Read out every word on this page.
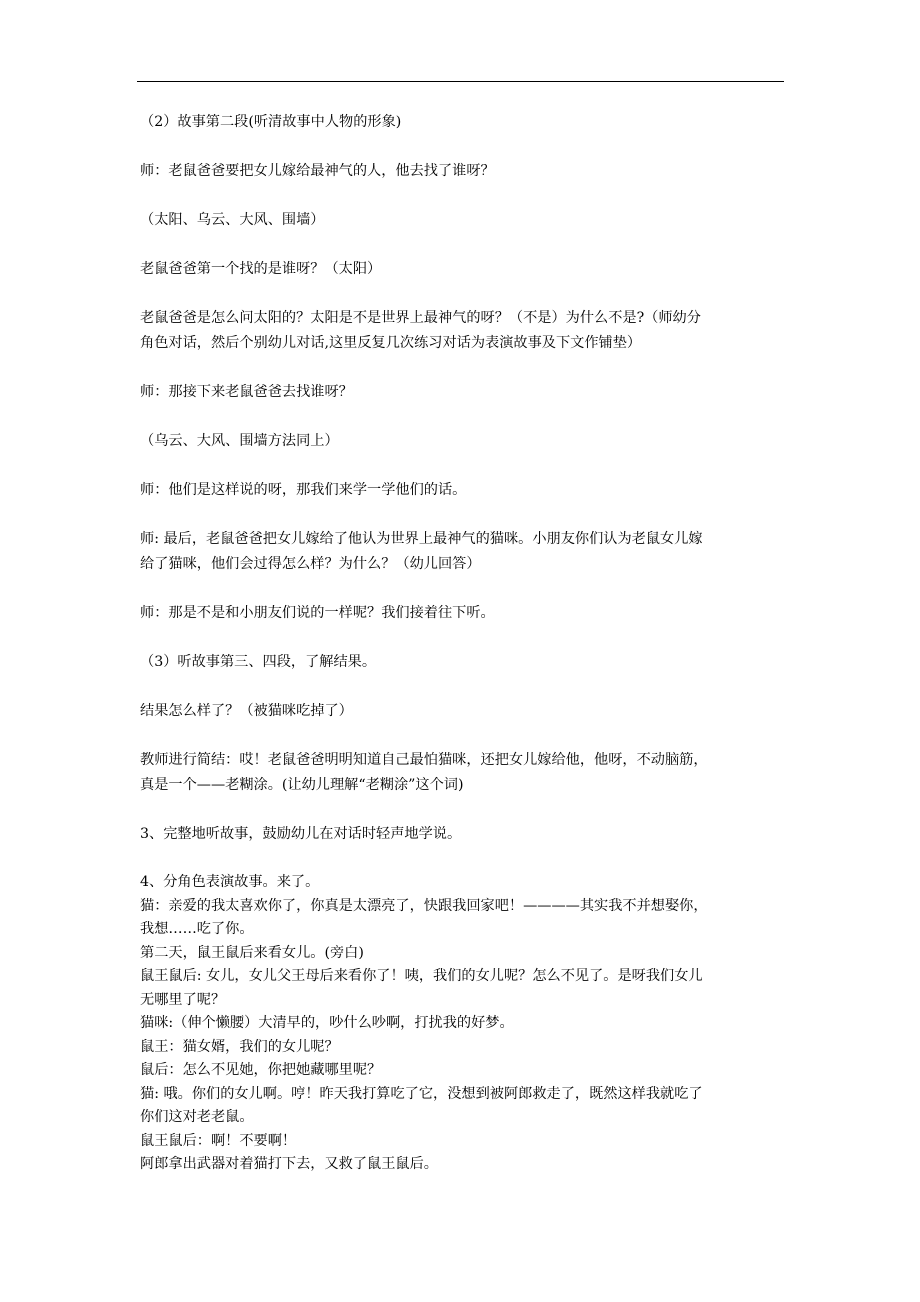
（2）故事第二段(听清故事中人物的形象)

师：老鼠爸爸要把女儿嫁给最神气的人，他去找了谁呀？

（太阳、乌云、大风、围墙）

老鼠爸爸第一个找的是谁呀？（太阳）

老鼠爸爸是怎么问太阳的？太阳是不是世界上最神气的呀？（不是）为什么不是?（师幼分
角色对话，然后个别幼儿对话,这里反复几次练习对话为表演故事及下文作铺垫）

师：那接下来老鼠爸爸去找谁呀？

（乌云、大风、围墙方法同上）

师：他们是这样说的呀，那我们来学一学他们的话。

师: 最后，老鼠爸爸把女儿嫁给了他认为世界上最神气的猫咪。小朋友你们认为老鼠女儿嫁
给了猫咪，他们会过得怎么样？为什么？（幼儿回答）

师：那是不是和小朋友们说的一样呢？我们接着往下听。

（3）听故事第三、四段，了解结果。

结果怎么样了？（被猫咪吃掉了）

教师进行简结：哎！老鼠爸爸明明知道自己最怕猫咪，还把女儿嫁给他，他呀，不动脑筋，
真是一个——老糊涂。(让幼儿理解“老糊涂”这个词)

3、完整地听故事，鼓励幼儿在对话时轻声地学说。

4、分角色表演故事。来了。
猫：亲爱的我太喜欢你了，你真是太漂亮了，快跟我回家吧！————其实我不并想娶你，
我想……吃了你。
第二天，鼠王鼠后来看女儿。(旁白)
鼠王鼠后: 女儿，女儿父王母后来看你了！咦，我们的女儿呢？怎么不见了。是呀我们女儿
无哪里了呢？
猫咪:（伸个懒腰）大清早的，吵什么吵啊，打扰我的好梦。
鼠王：猫女婿，我们的女儿呢？
鼠后：怎么不见她，你把她藏哪里呢？
猫: 哦。你们的女儿啊。哼！昨天我打算吃了它，没想到被阿郎救走了，既然这样我就吃了
你们这对老老鼠。
鼠王鼠后：啊！不要啊！
阿郎拿出武器对着猫打下去，又救了鼠王鼠后。
